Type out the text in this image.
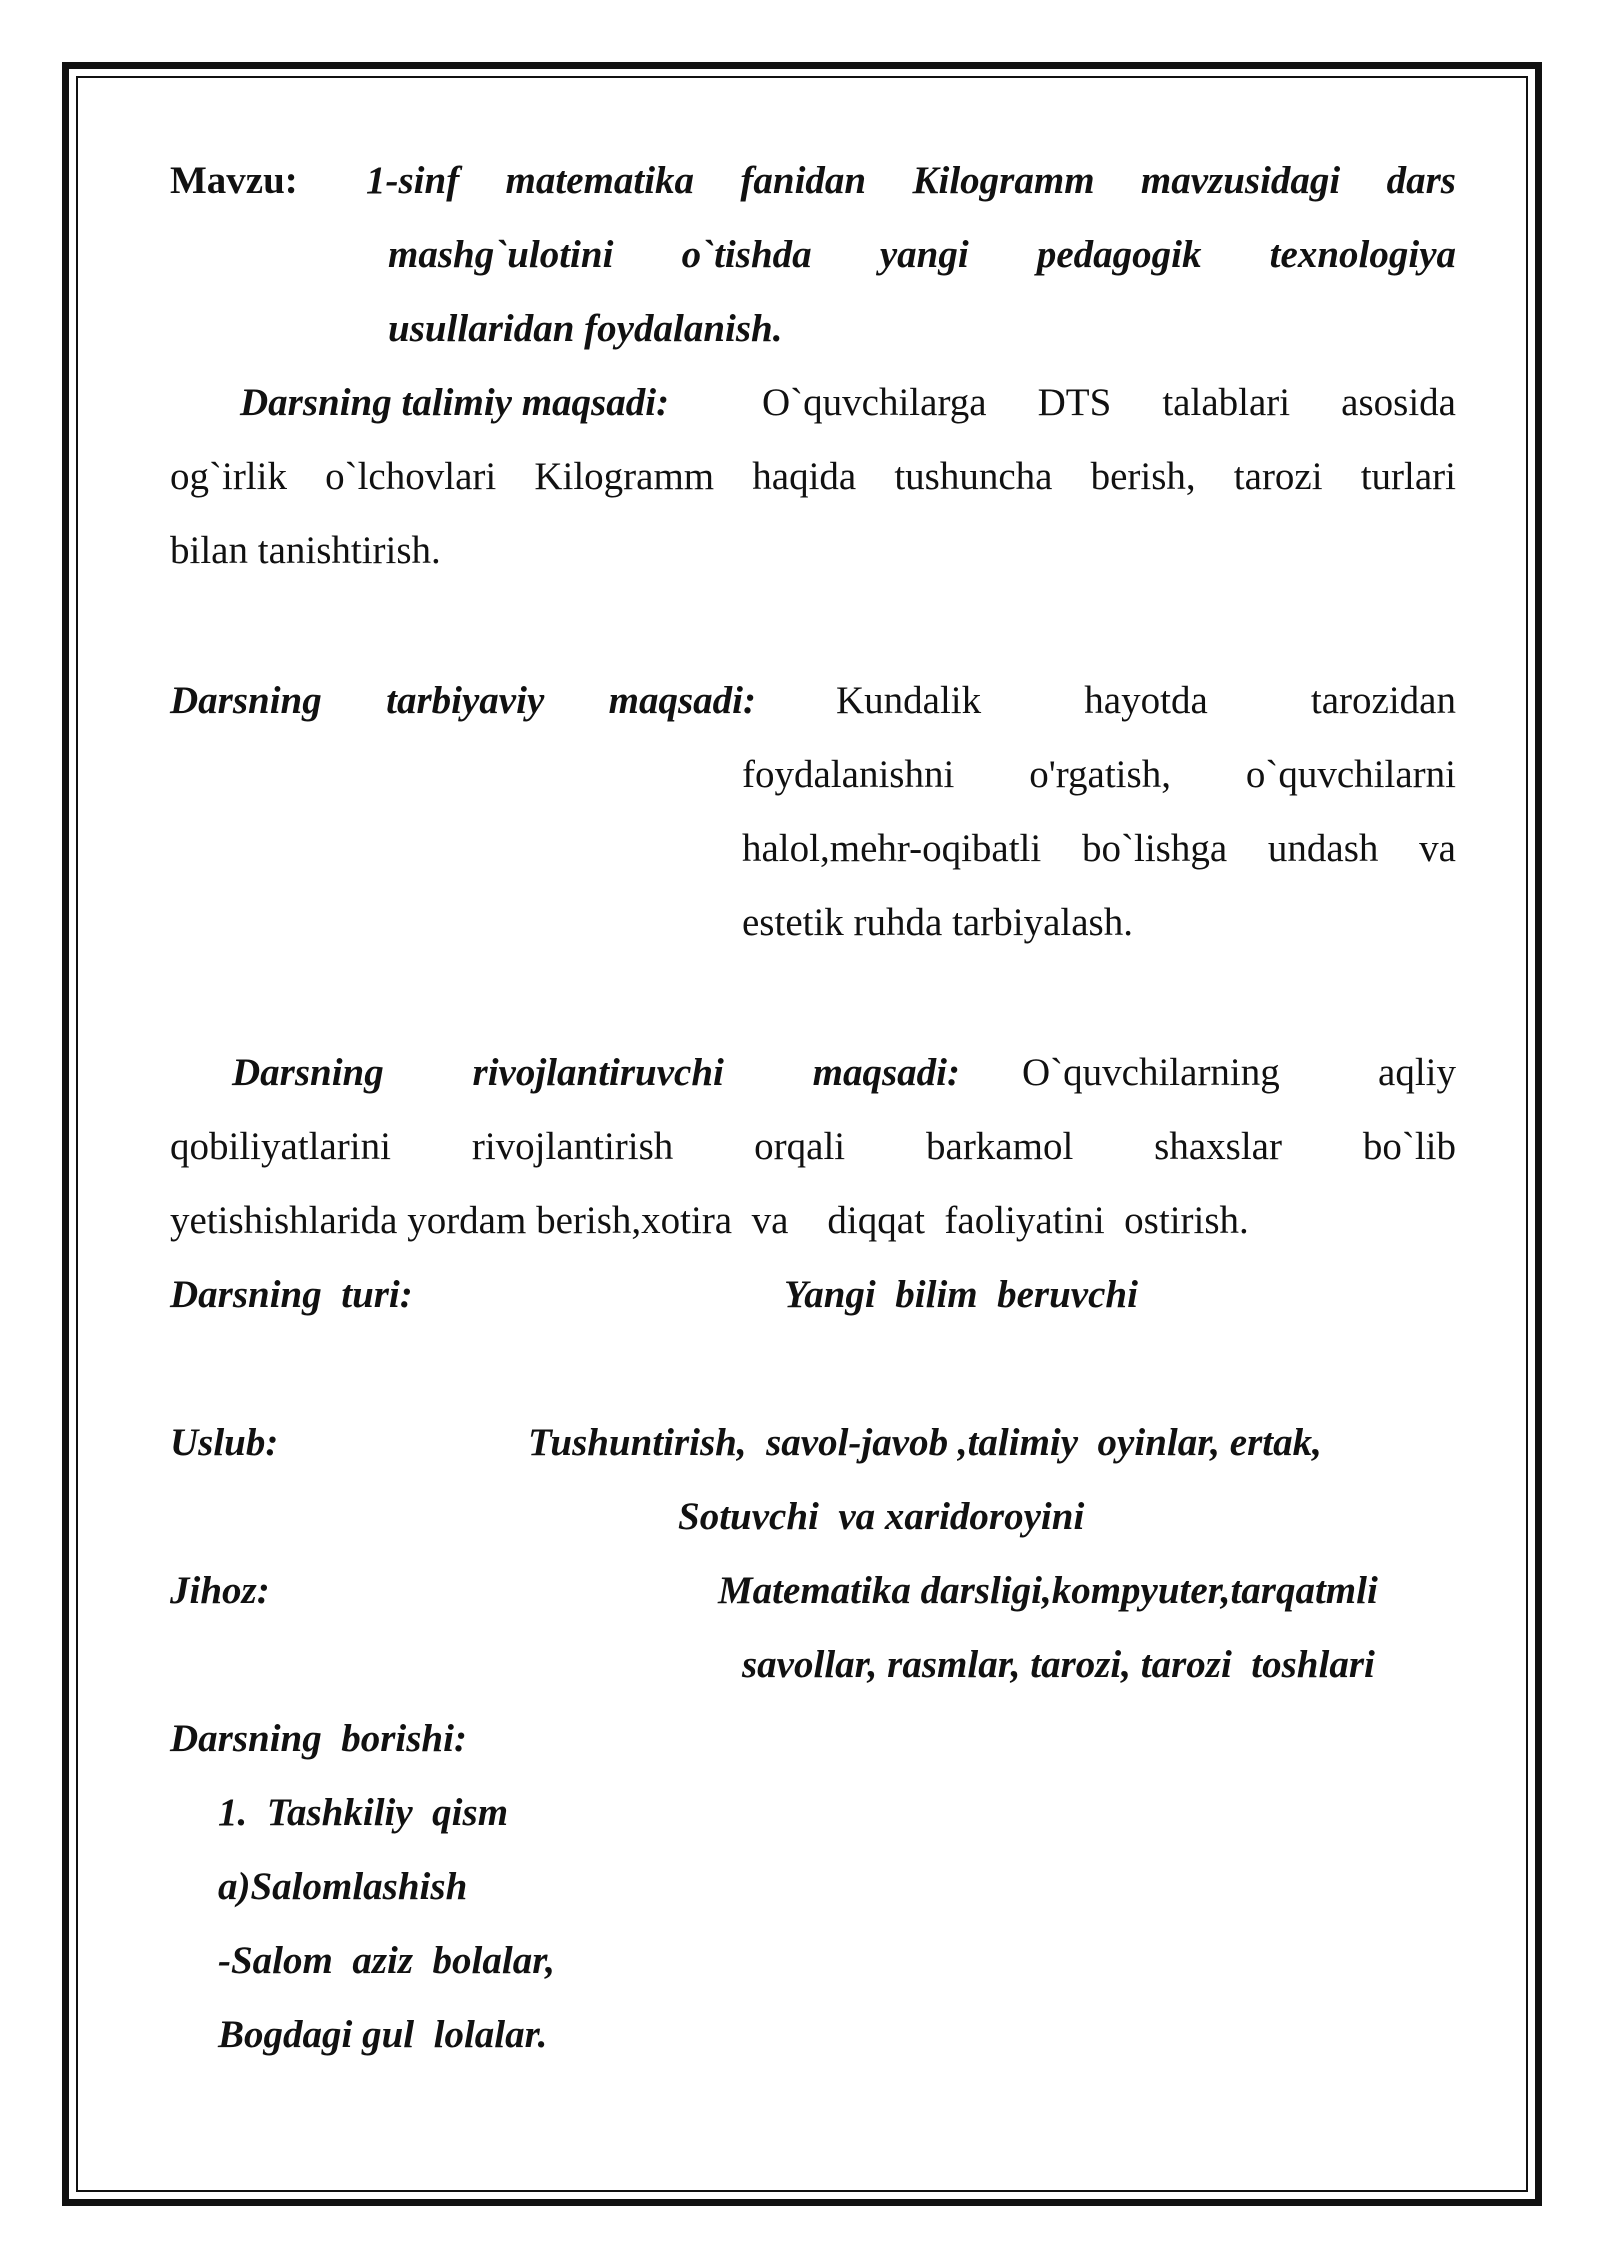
Mavzu: 1-sinf matematika fanidan Kilogramm mavzusidagi dars
mashg`ulotini o`tishda yangi pedagogik texnologiya
usullaridan foydalanish.
Darsning talimiy maqsadi: O`quvchilarga DTS talablari asosida
og`irlik o`lchovlari Kilogramm haqida tushuncha berish, tarozi turlari
bilan tanishtirish.
Darsning tarbiyaviy maqsadi: Kundalik hayotda tarozidan
foydalanishni o'rgatish, o`quvchilarni
halol,mehr-oqibatli bo`lishga undash va
estetik ruhda tarbiyalash.
Darsning rivojlantiruvchi maqsadi: O`quvchilarning aqliy
qobiliyatlarini rivojlantirish orqali barkamol shaxslar bo`lib
yetishishlarida yordam berish,xotira  va    diqqat  faoliyatini  ostirish.
Darsning  turi:	Yangi  bilim  beruvchi
Uslub:	Tushuntirish,  savol-javob ,talimiy  oyinlar, ertak,
Sotuvchi  va xaridoroyini
Jihoz:	Matematika darsligi,kompyuter,tarqatmli
savollar, rasmlar, tarozi, tarozi  toshlari
Darsning  borishi:
1.  Tashkiliy  qism
a)Salomlashish
-Salom  aziz  bolalar,
Bogdagi gul  lolalar.
